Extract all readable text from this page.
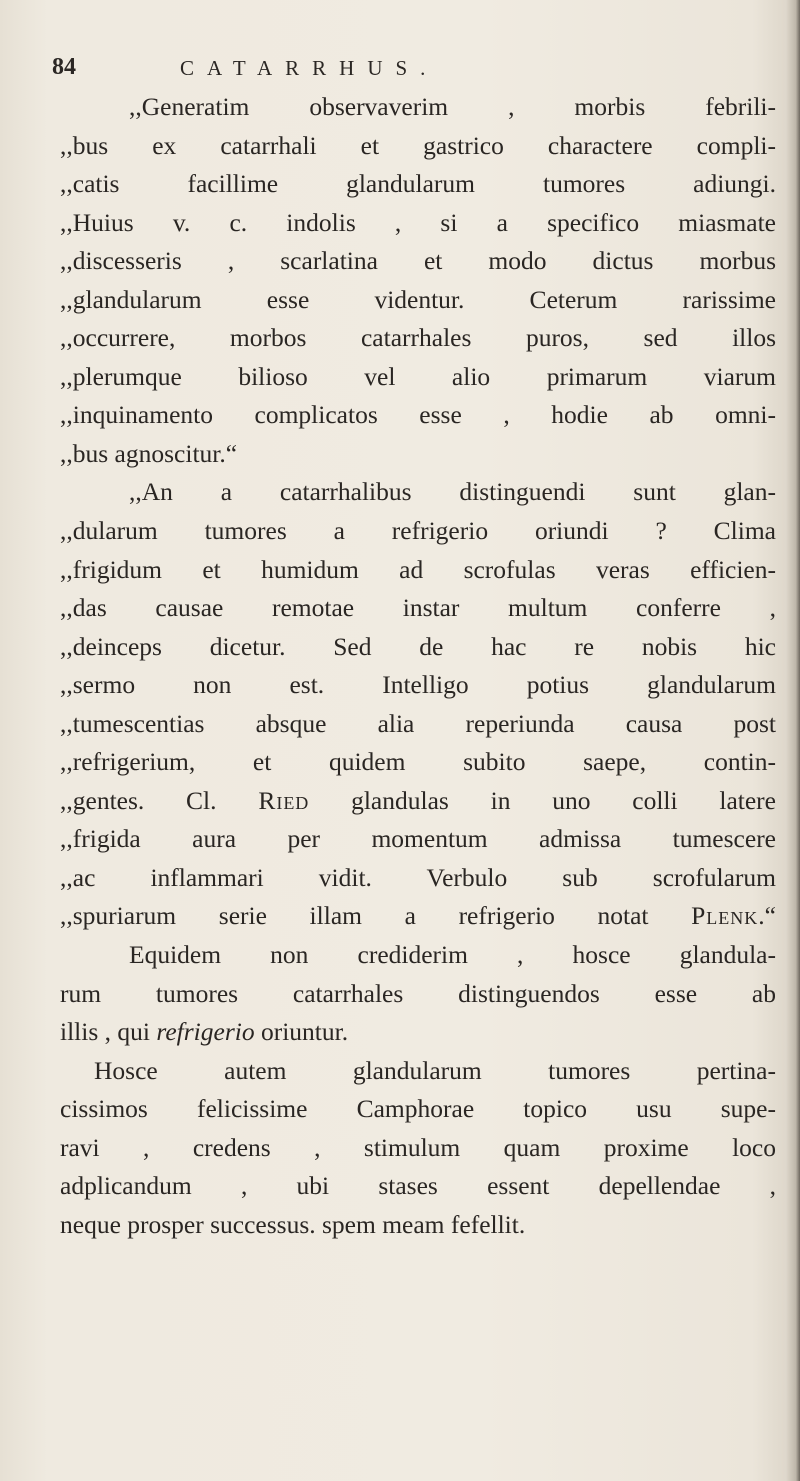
84	CATARRHUS.
,,Generatim observaverim , morbis febrili-
,,bus ex catarrhali et gastrico charactere compli-
,,catis facillime glandularum tumores adiungi.
,,Huius v. c. indolis , si a specifico miasmate
,,discesseris , scarlatina et modo dictus morbus
,,glandularum esse videntur. Ceterum rarissime
,,occurrere, morbos catarrhales puros, sed illos
,,plerumque bilioso vel alio primarum viarum
,,inquinamento complicatos esse , hodie ab omni-
,,bus agnoscitur.“
,,An a catarrhalibus distinguendi sunt glan-
,,dularum tumores a refrigerio oriundi ? Clima
,,frigidum et humidum ad scrofulas veras efficien-
,,das causae remotae instar multum conferre ,
,,deinceps dicetur. Sed de hac re nobis hic
,,sermo non est. Intelligo potius glandularum
,,tumescentias absque alia reperiunda causa post
,,refrigerium, et quidem subito saepe, contin-
,,gentes. Cl. Ried glandulas in uno colli latere
,,frigida aura per momentum admissa tumescere
,,ac inflammari vidit. Verbulo sub scrofularum
,,spuriarum serie illam a refrigerio notat Plenk.“
Equidem non crediderim , hosce glandula-
rum tumores catarrhales distinguendos esse ab
illis , qui refrigerio oriuntur.
Hosce autem glandularum tumores pertina-
cissimos felicissime Camphorae topico usu supe-
ravi , credens , stimulum quam proxime loco
adplicandum , ubi stases essent depellendae ,
neque prosper successus. spem meam fefellit.
